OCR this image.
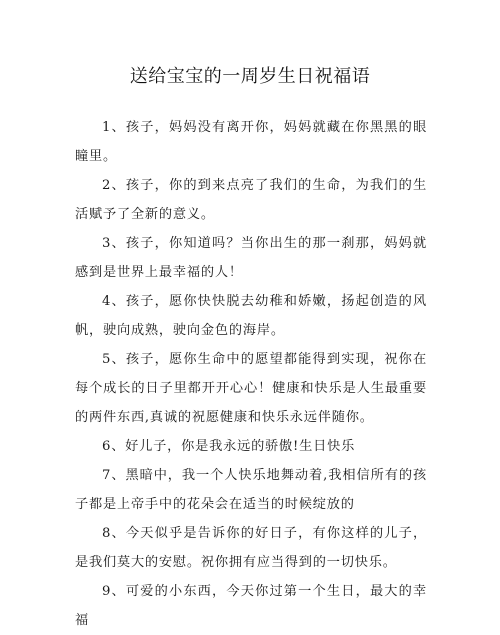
送给宝宝的一周岁生日祝福语

1、孩子，妈妈没有离开你，妈妈就藏在你黑黑的眼瞳里。

2、孩子，你的到来点亮了我们的生命，为我们的生活赋予了全新的意义。

3、孩子，你知道吗？当你出生的那一刹那，妈妈就感到是世界上最幸福的人！

4、孩子，愿你快快脱去幼稚和娇嫩，扬起创造的风帆，驶向成熟，驶向金色的海岸。

5、孩子，愿你生命中的愿望都能得到实现，祝你在每个成长的日子里都开开心心！健康和快乐是人生最重要的两件东西,真诚的祝愿健康和快乐永远伴随你。

6、好儿子，你是我永远的骄傲!生日快乐

7、黑暗中，我一个人快乐地舞动着,我相信所有的孩子都是上帝手中的花朵会在适当的时候绽放的

8、今天似乎是告诉你的好日子，有你这样的儿子，是我们莫大的安慰。祝你拥有应当得到的一切快乐。

9、可爱的小东西，今天你过第一个生日，最大的幸福
